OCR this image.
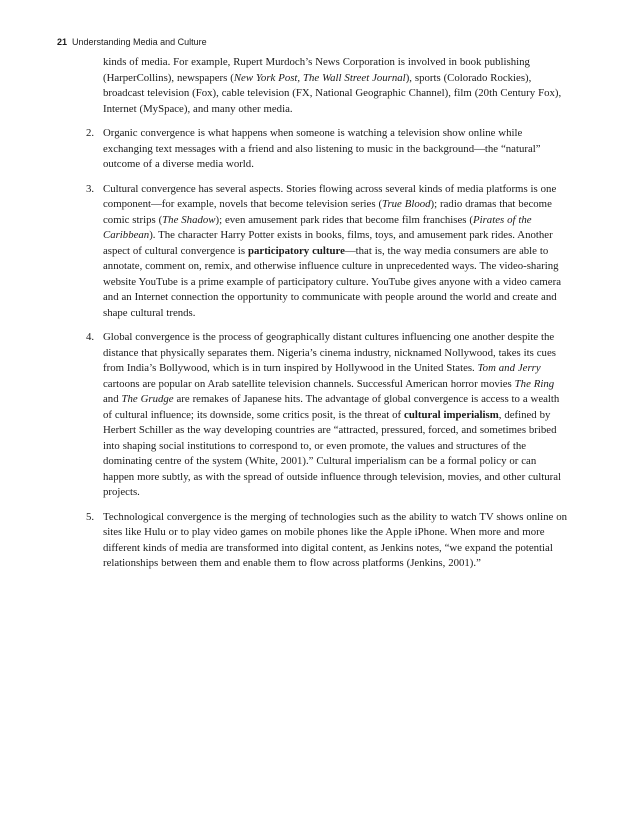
21 Understanding Media and Culture

kinds of media. For example, Rupert Murdoch’s News Corporation is involved in book publishing (HarperCollins), newspapers (New York Post, The Wall Street Journal), sports (Colorado Rockies), broadcast television (Fox), cable television (FX, National Geographic Channel), film (20th Century Fox), Internet (MySpace), and many other media.

2. Organic convergence is what happens when someone is watching a television show online while exchanging text messages with a friend and also listening to music in the background—the “natural” outcome of a diverse media world.

3. Cultural convergence has several aspects. Stories flowing across several kinds of media platforms is one component—for example, novels that become television series (True Blood); radio dramas that become comic strips (The Shadow); even amusement park rides that become film franchises (Pirates of the Caribbean). The character Harry Potter exists in books, films, toys, and amusement park rides. Another aspect of cultural convergence is participatory culture—that is, the way media consumers are able to annotate, comment on, remix, and otherwise influence culture in unprecedented ways. The video-sharing website YouTube is a prime example of participatory culture. YouTube gives anyone with a video camera and an Internet connection the opportunity to communicate with people around the world and create and shape cultural trends.

4. Global convergence is the process of geographically distant cultures influencing one another despite the distance that physically separates them. Nigeria’s cinema industry, nicknamed Nollywood, takes its cues from India’s Bollywood, which is in turn inspired by Hollywood in the United States. Tom and Jerry cartoons are popular on Arab satellite television channels. Successful American horror movies The Ring and The Grudge are remakes of Japanese hits. The advantage of global convergence is access to a wealth of cultural influence; its downside, some critics posit, is the threat of cultural imperialism, defined by Herbert Schiller as the way developing countries are “attracted, pressured, forced, and sometimes bribed into shaping social institutions to correspond to, or even promote, the values and structures of the dominating centre of the system (White, 2001).” Cultural imperialism can be a formal policy or can happen more subtly, as with the spread of outside influence through television, movies, and other cultural projects.

5. Technological convergence is the merging of technologies such as the ability to watch TV shows online on sites like Hulu or to play video games on mobile phones like the Apple iPhone. When more and more different kinds of media are transformed into digital content, as Jenkins notes, “we expand the potential relationships between them and enable them to flow across platforms (Jenkins, 2001).”
